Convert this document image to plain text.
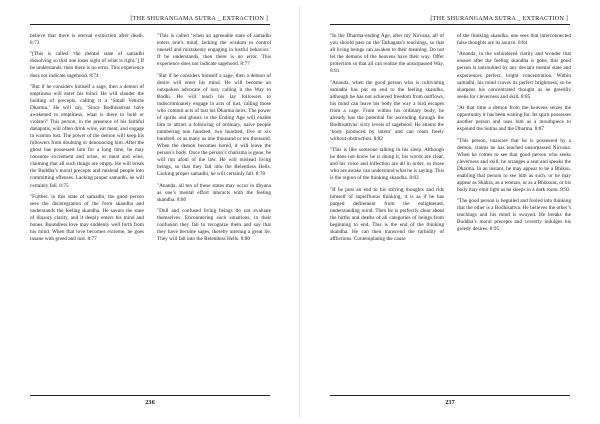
[THE SHURANGAMA SUTRA _ EXTRACTION ]

believe that there is eternal extinction after death. 8:73

"[This is called ‘the mental state of samadhi dissolving so that one loses sight of what is right.’] If he understands, then there is no error. This experience does not indicate sagehood. 8:74

"But if he considers himself a sage, then a demon of emptiness will enter his mind. He will slander the holding of precepts, calling it a ‘Small Vehicle Dharma.’ He will say, ‘Since Bodhisattvas have awakened to emptiness, what is there to hold or violate?’ This person, in the presence of his faithful danapatis, will often drink wine, eat meat, and engage in wanton lust. The power of the demon will keep his followers from doubting or denouncing him. After the ghost has possessed him for a long time, he may consume excrement and urine, or meat and wine, claiming that all such things are empty. He will break the Buddha’s moral precepts and mislead people into committing offenses. Lacking proper samadhi, he will certainly fall. 8:75

"Further, in this state of samadhi, the good person sees the disintegration of the form skandha and understands the feeling skandha. He savors the state of illusory clarity, and it deeply enters his mind and bones. Boundless love may suddenly well forth from his mind. When that love becomes extreme, he goes insane with greed and lust. 8:77

"This is called ‘when an agreeable state of samadhi enters one’s mind, lacking the wisdom to control oneself and mistakenly engaging in lustful behavior.’ If he understands, then there is no error. This experience does not indicate sagehood. 8:77

"But if he considers himself a sage, then a demon of desire will enter his mind. He will become an outspoken advocate of lust, calling it the Way to Bodhi. He will teach his lay followers to indiscriminately engage in acts of lust, calling those who commit acts of lust his Dharma heirs. The power of spirits and ghosts in the Ending Age will enable him to attract a following of ordinary, naive people numbering one hundred, two hundred, five or six hundred, or as many as one thousand or ten thousand. When the demon becomes bored, it will leave the person’s body. Once the person’s charisma is gone, he will run afoul of the law. He will mislead living beings, so that they fall into the Relentless Hells. Lacking proper samadhi, he will certainly fall. 8:78

"Ananda, all ten of these states may occur in dhyana as one’s mental effort interacts with the feeling skandha. 8:80

"Dull and confused living beings do not evaluate themselves. Encountering such situations, in their confusion they fail to recognize them and say that they have become sages, thereby uttering a great lie. They will fall into the Relentless Hells. 8:80

236
[THE SHURANGAMA SUTRA _ EXTRACTION ]

"In the Dharma-ending Age, after my Nirvana, all of you should pass on the Tathagata’s teachings, so that all living beings can awaken to their meaning. Do not let the demons of the heavens have their way. Offer protection so that all can realize the unsurpassed Way. 8:81

"Ananda, when the good person who is cultivating samadhi has put an end to the feeling skandha, although he has not achieved freedom from outflows, his mind can leave his body the way a bird escapes from a cage. From within his ordinary body, he already has the potential for ascending through the Bodhisattvas’ sixty levels of sagehood. He attains the ‘body produced by intent’ and can roam freely without obstruction. 8:82

"This is like someone talking in his sleep. Although he does not know he is doing it, his words are clear, and his voice and inflection are all in order, so those who are awake can understand what he is saying. This is the region of the thinking skandha. 8:83

"If he puts an end to his stirring thoughts and rids himself of superfluous thinking, it is as if he has purged defilement from the enlightened, understanding mind. Then he is perfectly clear about the births and deaths of all categories of beings from beginning to end. This is the end of the thinking skandha. He can then transcend the turbidity of afflictions. Contemplating the cause

of the thinking skandha, one sees that interconnected false thoughts are its source. 8:84

"Ananda, in the unhindered clarity and wonder that ensues after the feeling skandha is gone, this good person is untroubled by any deviant mental state and experiences perfect, bright concentration. Within samadhi, his mind craves its perfect brightness, so he sharpens his concentrated thought as he greedily seeks for cleverness and skill. 8:85

"At that time a demon from the heavens seizes the opportunity it has been waiting for. Its spirit possesses another person and uses him as a mouthpiece to expound the Sutras and the Dharma. 8:87

"This person, unaware that he is possessed by a demon, claims he has reached unsurpassed Nirvana. When he comes to see that good person who seeks cleverness and skill, he arranges a seat and speaks the Dharma. In an instant, he may appear to be a Bhiksu, enabling that person to see him as such, or he may appear as Shakra, as a woman, or as a Bhiksuni, or his body may emit light as he sleeps in a dark room. 8:93

"The good person is beguiled and fooled into thinking that the other is a Bodhisattva. He believes the other’s teachings and his mind is swayed. He breaks the Buddha’s moral precepts and covertly indulges his greedy desires. 8:95

237
